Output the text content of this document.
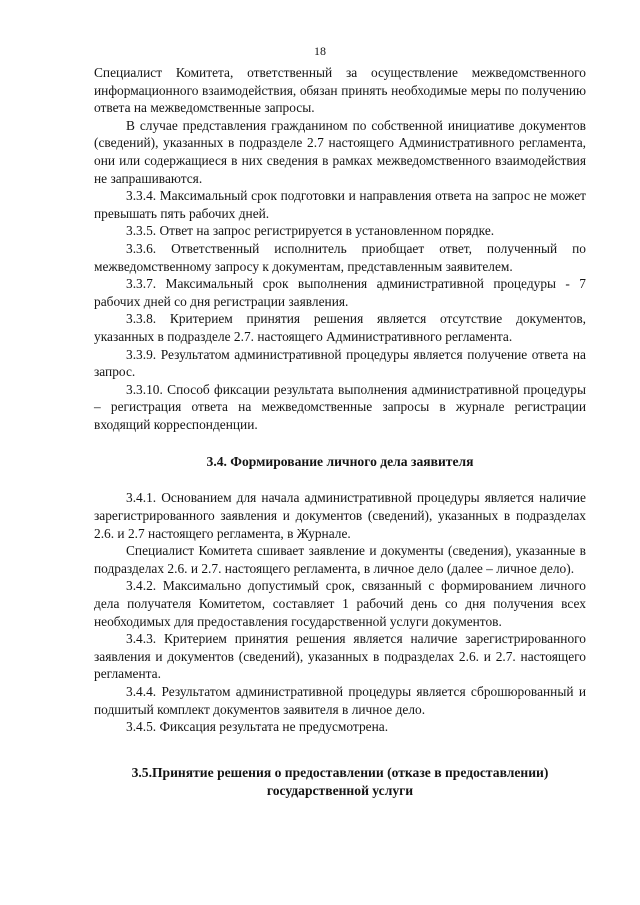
18

Специалист Комитета, ответственный за осуществление межведомственного информационного взаимодействия, обязан принять необходимые меры по получению ответа на межведомственные запросы.

В случае представления гражданином по собственной инициативе документов (сведений), указанных в подразделе 2.7 настоящего Административного регламента, они или содержащиеся в них сведения в рамках межведомственного взаимодействия не запрашиваются.

3.3.4. Максимальный срок подготовки и направления ответа на запрос не может превышать пять рабочих дней.

3.3.5. Ответ на запрос регистрируется в установленном порядке.

3.3.6. Ответственный исполнитель приобщает ответ, полученный по межведомственному запросу к документам, представленным заявителем.

3.3.7. Максимальный срок выполнения административной процедуры - 7 рабочих дней со дня регистрации заявления.

3.3.8. Критерием принятия решения является отсутствие документов, указанных в подразделе 2.7. настоящего Административного регламента.

3.3.9. Результатом административной процедуры является получение ответа на запрос.

3.3.10. Способ фиксации результата выполнения административной процедуры – регистрация ответа на межведомственные запросы в журнале регистрации входящий корреспонденции.

3.4. Формирование личного дела заявителя

3.4.1. Основанием для начала административной процедуры является наличие зарегистрированного заявления и документов (сведений), указанных в подразделах 2.6. и 2.7 настоящего регламента, в Журнале.

Специалист Комитета сшивает заявление и документы (сведения), указанные в подразделах 2.6. и 2.7. настоящего регламента, в личное дело (далее – личное дело).

3.4.2. Максимально допустимый срок, связанный с формированием личного дела получателя Комитетом, составляет 1 рабочий день со дня получения всех необходимых для предоставления государственной услуги документов.

3.4.3. Критерием принятия решения является наличие зарегистрированного заявления и документов (сведений), указанных в подразделах 2.6. и 2.7. настоящего регламента.

3.4.4. Результатом административной процедуры является сброшюрованный и подшитый комплект документов заявителя в личное дело.

3.4.5. Фиксация результата не предусмотрена.

3.5.Принятие решения о предоставлении (отказе в предоставлении) государственной услуги
